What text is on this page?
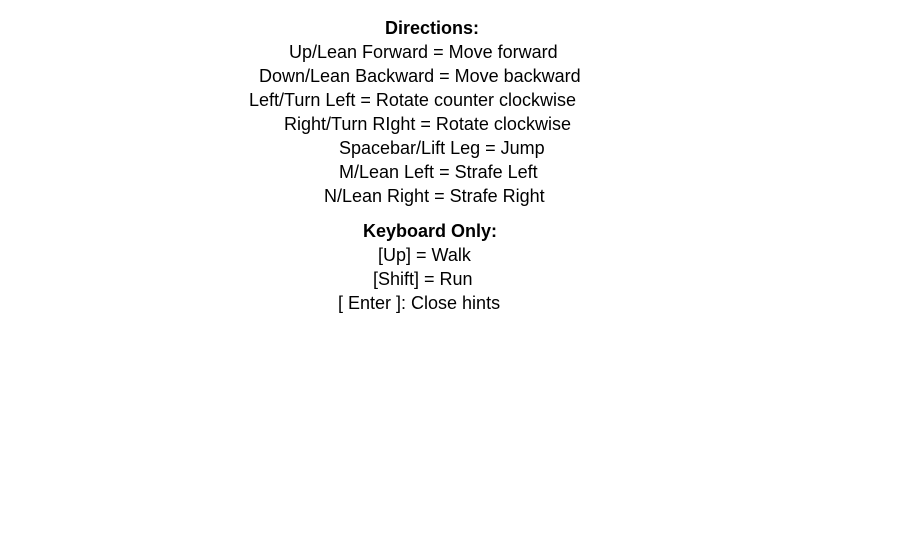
Directions:
Up/Lean Forward = Move forward
Down/Lean Backward = Move backward
Left/Turn Left = Rotate counter clockwise
Right/Turn RIght = Rotate clockwise
Spacebar/Lift Leg = Jump
M/Lean Left = Strafe Left
N/Lean Right = Strafe Right
Keyboard Only:
[Up] = Walk
[Shift] = Run
[ Enter ]: Close hints
